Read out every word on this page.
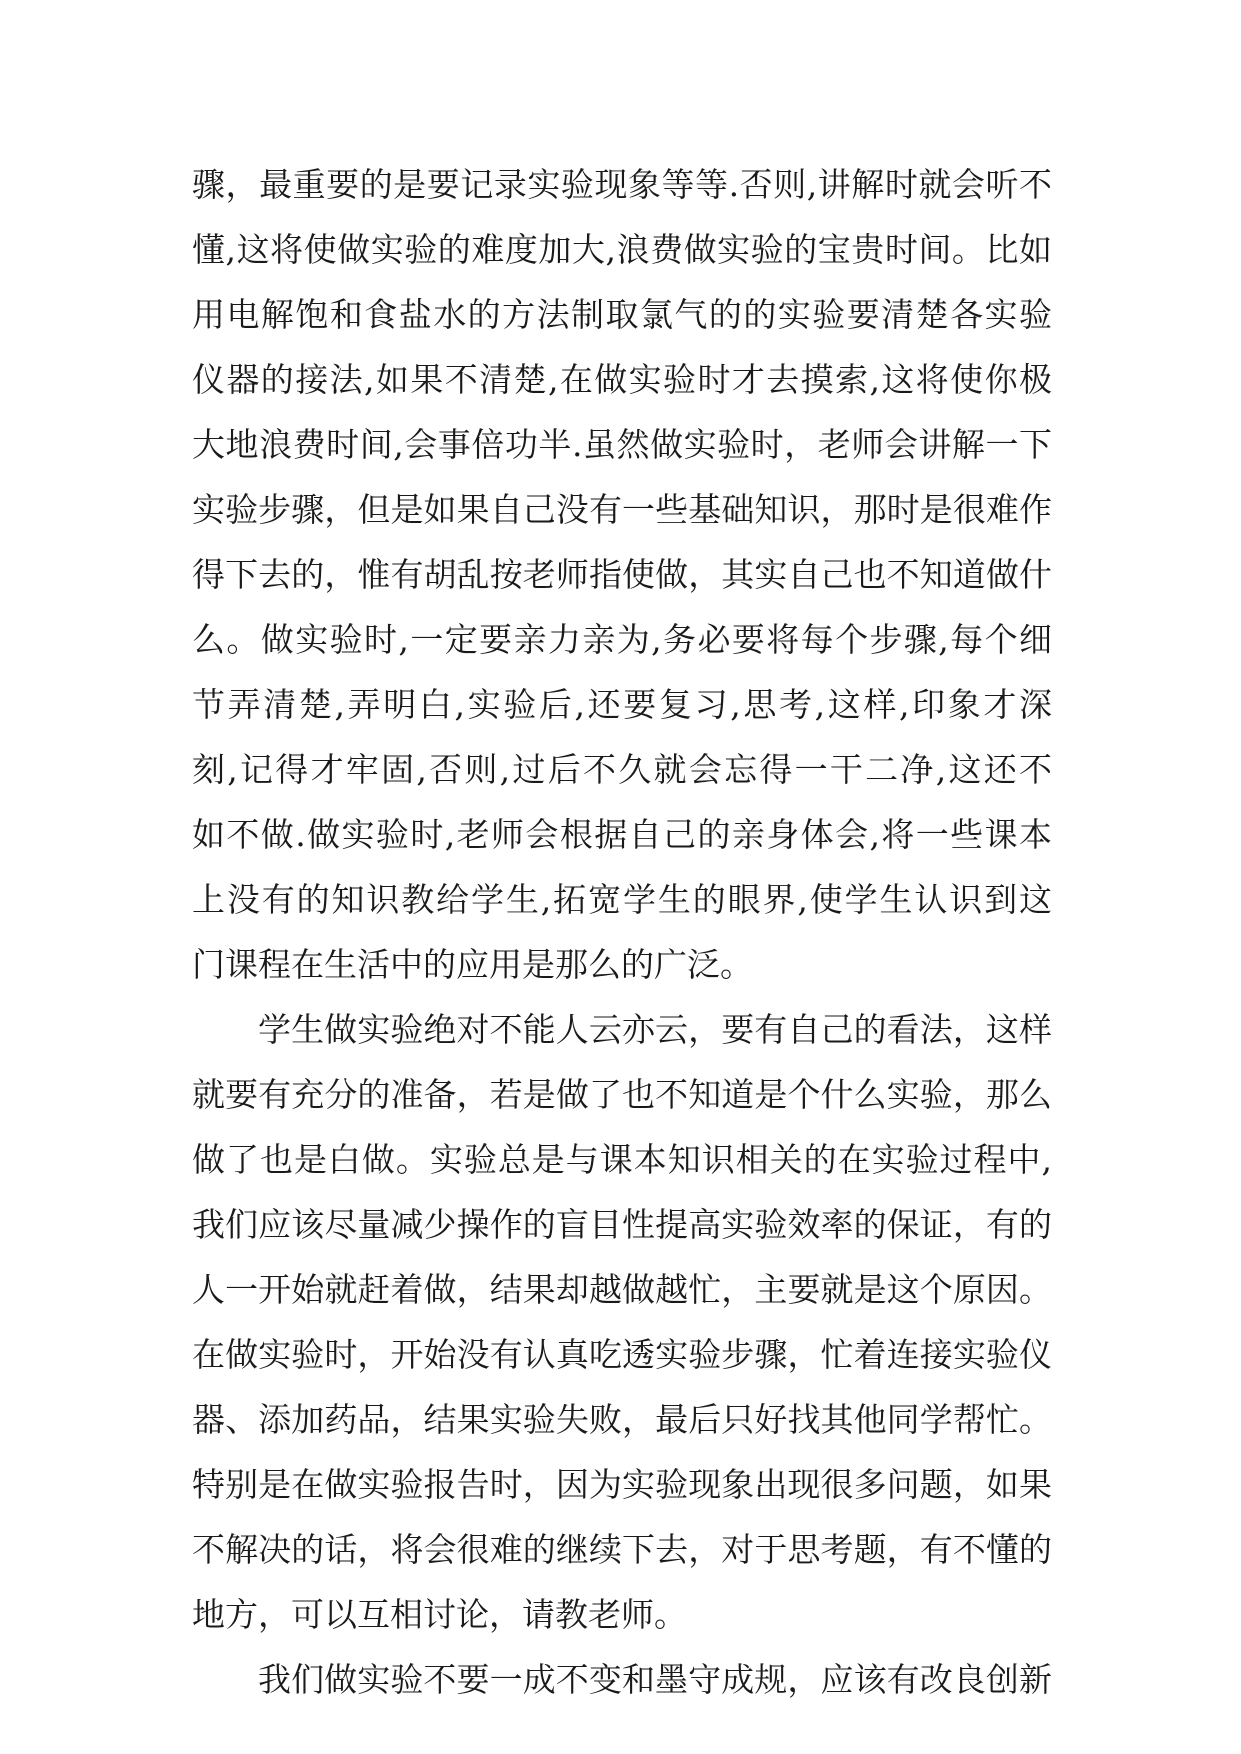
骤，最重要的是要记录实验现象等等.否则,讲解时就会听不
懂,这将使做实验的难度加大,浪费做实验的宝贵时间。比如
用电解饱和食盐水的方法制取氯气的的实验要清楚各实验
仪器的接法,如果不清楚,在做实验时才去摸索,这将使你极
大地浪费时间,会事倍功半.虽然做实验时，老师会讲解一下
实验步骤，但是如果自己没有一些基础知识，那时是很难作
得下去的，惟有胡乱按老师指使做，其实自己也不知道做什
么。做实验时,一定要亲力亲为,务必要将每个步骤,每个细
节弄清楚,弄明白,实验后,还要复习,思考,这样,印象才深
刻,记得才牢固,否则,过后不久就会忘得一干二净,这还不
如不做.做实验时,老师会根据自己的亲身体会,将一些课本
上没有的知识教给学生,拓宽学生的眼界,使学生认识到这
门课程在生活中的应用是那么的广泛。
学生做实验绝对不能人云亦云，要有自己的看法，这样
就要有充分的准备，若是做了也不知道是个什么实验，那么
做了也是白做。实验总是与课本知识相关的在实验过程中,
我们应该尽量减少操作的盲目性提高实验效率的保证，有的
人一开始就赶着做，结果却越做越忙，主要就是这个原因。
在做实验时，开始没有认真吃透实验步骤，忙着连接实验仪
器、添加药品，结果实验失败，最后只好找其他同学帮忙。
特别是在做实验报告时，因为实验现象出现很多问题，如果
不解决的话，将会很难的继续下去，对于思考题，有不懂的
地方，可以互相讨论，请教老师。
我们做实验不要一成不变和墨守成规，应该有改良创新
